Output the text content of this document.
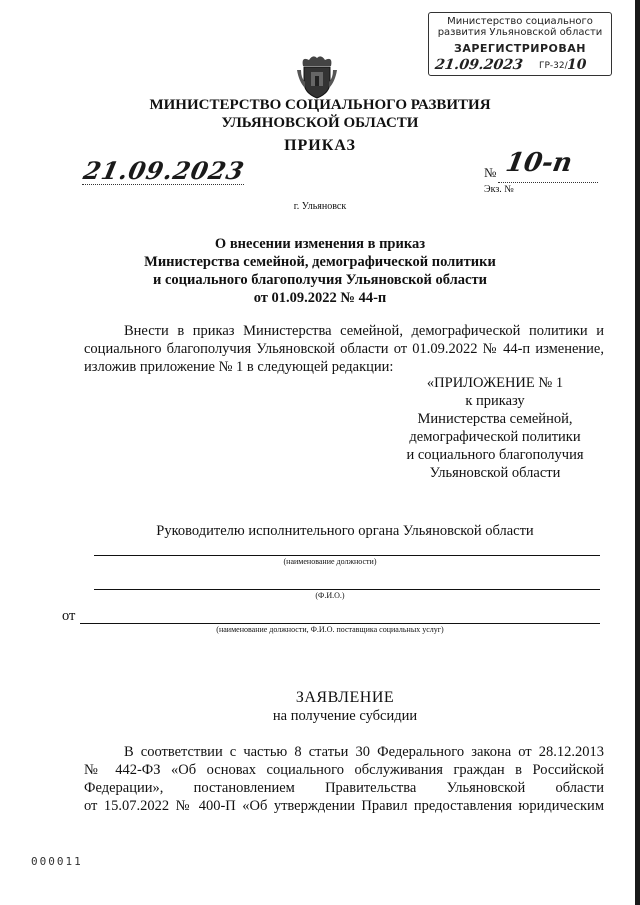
Министерство социального
развития Ульяновской области
ЗАРЕГИСТРИРОВАН
21.09.2023 ГР-32/ 10
МИНИСТЕРСТВО СОЦИАЛЬНОГО РАЗВИТИЯ
УЛЬЯНОВСКОЙ ОБЛАСТИ
ПРИКАЗ
21.09.2023	№ 10-п
Экз. №
г. Ульяновск
О внесении изменения в приказ
Министерства семейной, демографической политики
и социального благополучия Ульяновской области
от 01.09.2022 № 44-п
Внести в приказ Министерства семейной, демографической политики и социального благополучия Ульяновской области от 01.09.2022 № 44-п изменение, изложив приложение № 1 в следующей редакции:
«ПРИЛОЖЕНИЕ № 1
к приказу
Министерства семейной,
демографической политики
и социального благополучия
Ульяновской области
Руководителю исполнительного органа Ульяновской области
(наименование должности)
(Ф.И.О.)
от
(наименование должности, Ф.И.О. поставщика социальных услуг)
ЗАЯВЛЕНИЕ
на получение субсидии
В соответствии с частью 8 статьи 30 Федерального закона от 28.12.2013
№ 442-ФЗ «Об основах социального обслуживания граждан в Российской
Федерации», постановлением Правительства Ульяновской области
от 15.07.2022 № 400-П «Об утверждении Правил предоставления юридическим
000011
